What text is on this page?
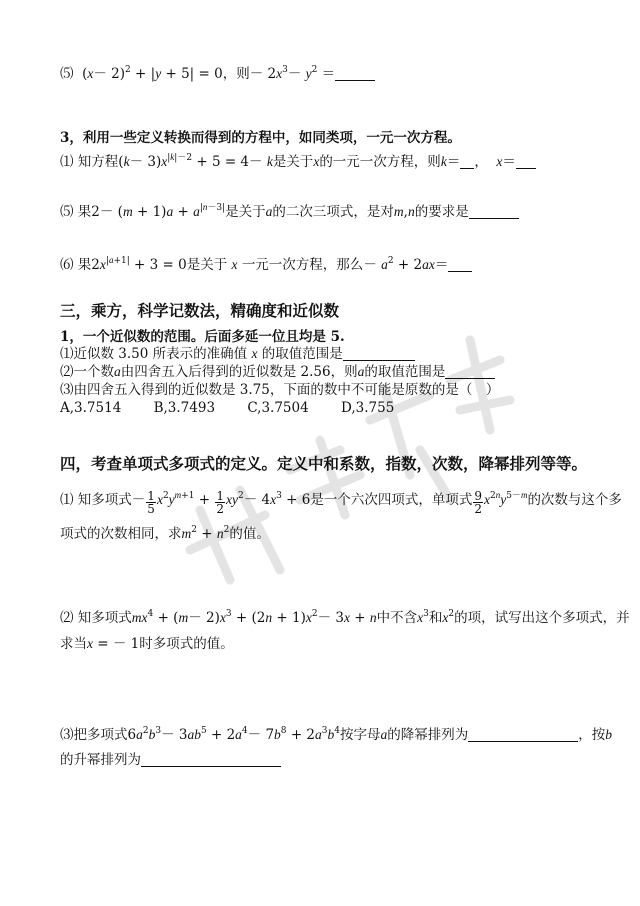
⑸  $(x- 2)^2 + |y + 5| = 0$，则－ $2x^3- y^2$ ＝
3，利用一些定义转换而得到的方程中，如同类项，一元一次方程。
⑴ 知方程$(k- 3)x^{|k|-2} + 5 = 4- k$是关于x的一元一次方程，则k＝ ， x＝
⑸ 果$2- (m + 1)a + a^{|n-3|}$是关于a的二次三项式，是对m,n的要求是
⑹ 果$2x^{|a+1|} + 3 = 0$是关于 x 一元一次方程，那么－ $a^2 + 2ax=$
三，乘方，科学记数法，精确度和近似数
1，一个近似数的范围。后面多延一位且均是 5.
⑴近似数 3.50 所表示的准确值 x 的取值范围是
⑵一个数a由四舍五入后得到的近似数是 2.56，则a的取值范围是
⑶由四舍五入得到的近似数是 3.75，下面的数中不可能是原数的是（　）
A,3.7514 B,3.7493 C,3.7504 D,3.755
四，考查单项式多项式的定义。定义中和系数，指数，次数，降幂排列等等。
⑴ 知多项式－ $\frac{1}{5} x^2y^{m+1} + \frac{1}{2} xy^2- 4x^3 + 6$是一个六次四项式，单项式 $\frac{9}{2} x^{2n}y^{5-m}$的次数与这个多
项式的次数相同，求$m^2 + n^2$的值。
⑵ 知多项式$mx^4 + (m- 2)x^3 + (2n + 1)x^2- 3x + n$中不含$x^3$和$x^2$的项，试写出这个多项式，并
求当x = － 1时多项式的值。
⑶把多项式$6a^2b^3- 3ab^5 + 2a^4- 7b^8 + 2a^3b^4$按字母a的降幂排列为	，按b
的升幂排列为
